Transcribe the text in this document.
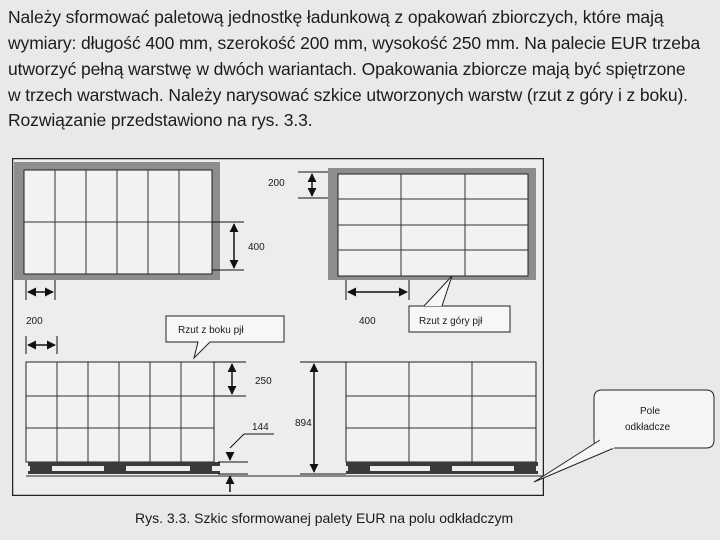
Należy sformować paletową jednostkę ładunkową z opakowań zbiorczych, które mają
wymiary: długość 400 mm, szerokość 200 mm, wysokość 250 mm. Na palecie EUR trzeba
utworzyć pełną warstwę w dwóch wariantach. Opakowania zbiorcze mają być spiętrzone
w trzech warstwach. Należy narysować szkice utworzonych warstw (rzut z góry i z boku).
Rozwiązanie przedstawiono na rys. 3.3.
200
400
200	400
Rzut z boku pjł
Rzut z góry pjł
250
144	894
Pole
odkładcze
Rys. 3.3. Szkic sformowanej palety EUR na polu odkładczym
